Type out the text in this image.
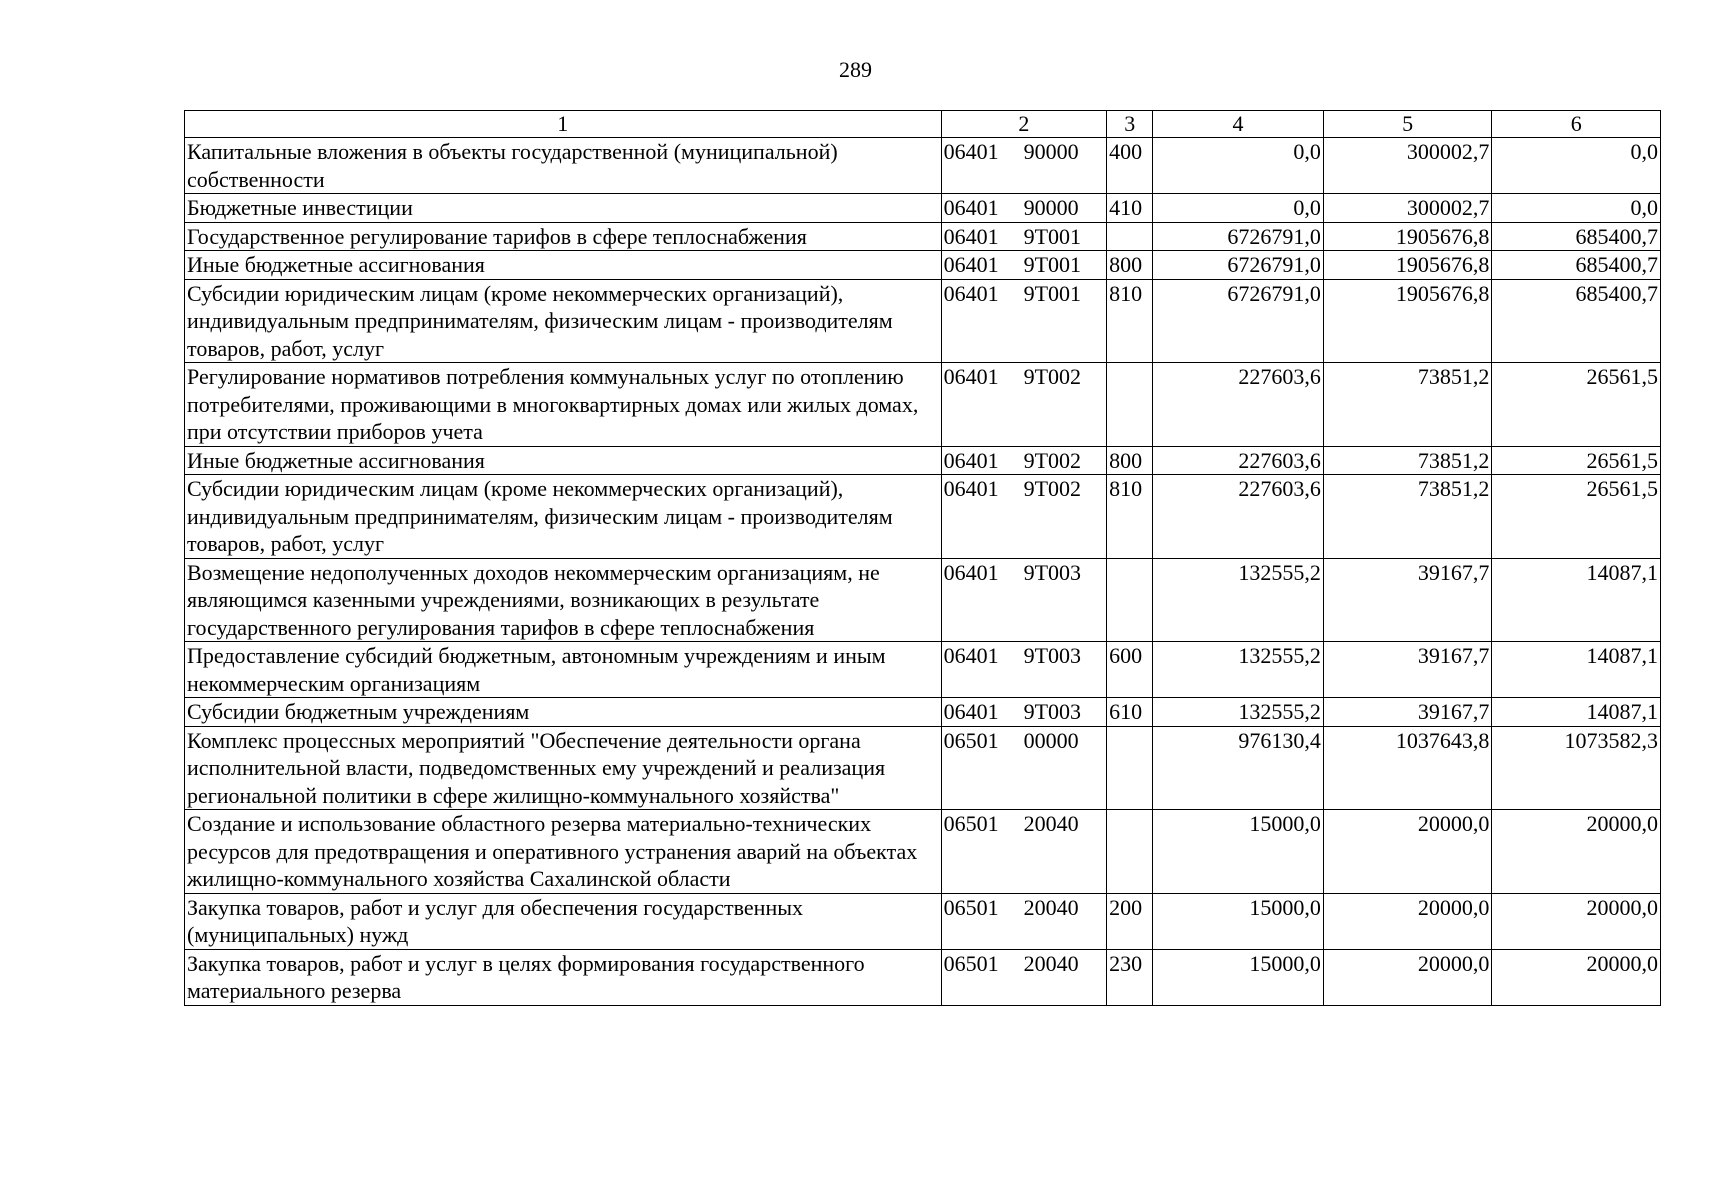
289
1	2	3	4	5	6
Капитальные вложения в объекты государственной (муниципальной) собственности	06401 90000	400	0,0	300002,7	0,0
Бюджетные инвестиции	06401 90000	410	0,0	300002,7	0,0
Государственное регулирование тарифов в сфере теплоснабжения	06401 9Т001		6726791,0	1905676,8	685400,7
Иные бюджетные ассигнования	06401 9Т001	800	6726791,0	1905676,8	685400,7
Субсидии юридическим лицам (кроме некоммерческих организаций), индивидуальным предпринимателям, физическим лицам - производителям товаров, работ, услуг	06401 9Т001	810	6726791,0	1905676,8	685400,7
Регулирование нормативов потребления коммунальных услуг по отоплению потребителями, проживающими в многоквартирных домах или жилых домах, при отсутствии приборов учета	06401 9Т002		227603,6	73851,2	26561,5
Иные бюджетные ассигнования	06401 9Т002	800	227603,6	73851,2	26561,5
Субсидии юридическим лицам (кроме некоммерческих организаций), индивидуальным предпринимателям, физическим лицам - производителям товаров, работ, услуг	06401 9Т002	810	227603,6	73851,2	26561,5
Возмещение недополученных доходов некоммерческим организациям, не являющимся казенными учреждениями, возникающих в результате государственного регулирования тарифов в сфере теплоснабжения	06401 9Т003		132555,2	39167,7	14087,1
Предоставление субсидий бюджетным, автономным учреждениям и иным некоммерческим организациям	06401 9Т003	600	132555,2	39167,7	14087,1
Субсидии бюджетным учреждениям	06401 9Т003	610	132555,2	39167,7	14087,1
Комплекс процессных мероприятий "Обеспечение деятельности органа исполнительной власти, подведомственных ему учреждений и реализация региональной политики в сфере жилищно-коммунального хозяйства"	06501 00000		976130,4	1037643,8	1073582,3
Создание и использование областного резерва материально-технических ресурсов для предотвращения и оперативного устранения аварий на объектах жилищно-коммунального хозяйства Сахалинской области	06501 20040		15000,0	20000,0	20000,0
Закупка товаров, работ и услуг для обеспечения государственных (муниципальных) нужд	06501 20040	200	15000,0	20000,0	20000,0
Закупка товаров, работ и услуг в целях формирования государственного материального резерва	06501 20040	230	15000,0	20000,0	20000,0
